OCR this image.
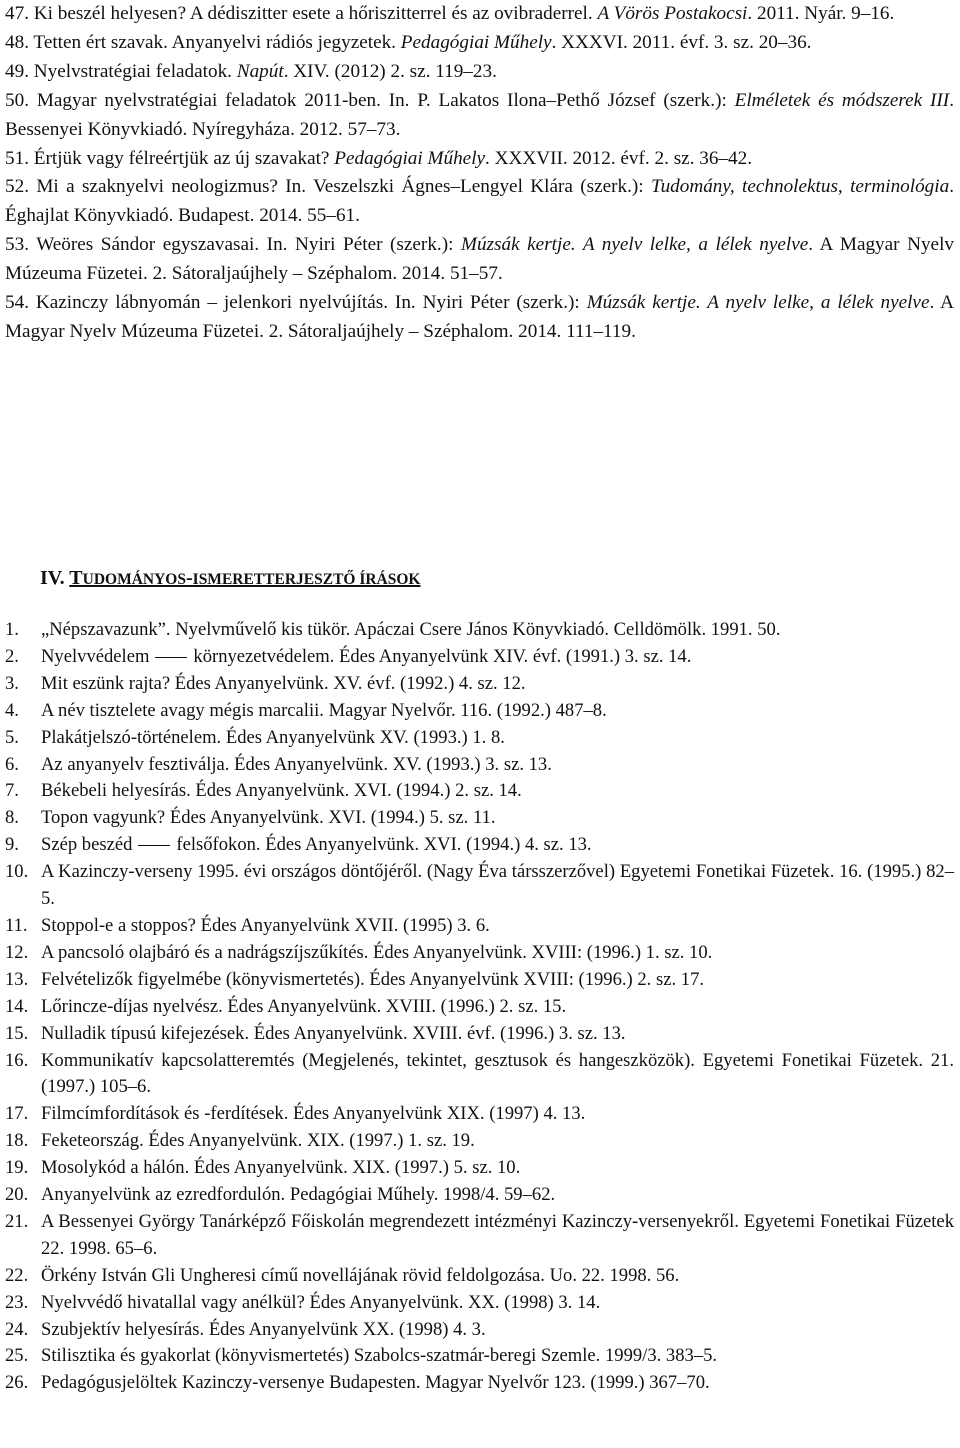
47. Ki beszél helyesen? A dédiszitter esete a hőriszitterrel és az ovibraderrel. A Vörös Postakocsi. 2011. Nyár. 9–16.

48. Tetten ért szavak. Anyanyelvi rádiós jegyzetek. Pedagógiai Műhely. XXXVI. 2011. évf. 3. sz. 20–36.

49. Nyelvstratégiai feladatok. Napút. XIV. (2012) 2. sz. 119–23.

50. Magyar nyelvstratégiai feladatok 2011-ben. In. P. Lakatos Ilona–Pethő József (szerk.): Elméletek és módszerek III. Bessenyei Könyvkiadó. Nyíregyháza. 2012. 57–73.

51. Értjük vagy félreértjük az új szavakat? Pedagógiai Műhely. XXXVII. 2012. évf. 2. sz. 36–42.

52. Mi a szaknyelvi neologizmus? In. Veszelszki Ágnes–Lengyel Klára (szerk.): Tudomány, technolektus, terminológia. Éghajlat Könyvkiadó. Budapest. 2014. 55–61.

53. Weöres Sándor egyszavasai. In. Nyiri Péter (szerk.): Múzsák kertje. A nyelv lelke, a lélek nyelve. A Magyar Nyelv Múzeuma Füzetei. 2. Sátoraljaújhely – Széphalom. 2014. 51–57.

54. Kazinczy lábnyomán – jelenkori nyelvújítás. In. Nyiri Péter (szerk.): Múzsák kertje. A nyelv lelke, a lélek nyelve. A Magyar Nyelv Múzeuma Füzetei. 2. Sátoraljaújhely – Széphalom. 2014. 111–119.

IV. TUDOMÁNYOS-ISMERETTERJESZTŐ ÍRÁSOK
1. „Népszavazunk”. Nyelvművelő kis tükör. Apáczai Csere János Könyvkiadó. Celldömölk. 1991. 50.
2. Nyelvvédelem környezetvédelem. Édes Anyanyelvünk XIV. évf. (1991.) 3. sz. 14.
3. Mit eszünk rajta? Édes Anyanyelvünk. XV. évf. (1992.) 4. sz. 12.
4. A név tisztelete avagy mégis marcalii. Magyar Nyelvőr. 116. (1992.) 487–8.
5. Plakátjelszó-történelem. Édes Anyanyelvünk XV. (1993.) 1. 8.
6. Az anyanyelv fesztiválja. Édes Anyanyelvünk. XV. (1993.) 3. sz. 13.
7. Békebeli helyesírás. Édes Anyanyelvünk. XVI. (1994.) 2. sz. 14.
8. Topon vagyunk? Édes Anyanyelvünk. XVI. (1994.) 5. sz. 11.
9. Szép beszéd felsőfokon. Édes Anyanyelvünk. XVI. (1994.) 4. sz. 13.
10. A Kazinczy-verseny 1995. évi országos döntőjéről. (Nagy Éva társszerzővel) Egyetemi Fonetikai Füzetek. 16. (1995.) 82–5.
11. Stoppol-e a stoppos? Édes Anyanyelvünk XVII. (1995) 3. 6.
12. A pancsoló olajbáró és a nadrágszíjszűkítés. Édes Anyanyelvünk. XVIII: (1996.) 1. sz. 10.
13. Felvételizők figyelmébe (könyvismertetés). Édes Anyanyelvünk XVIII: (1996.) 2. sz. 17.
14. Lőrincze-díjas nyelvész. Édes Anyanyelvünk. XVIII. (1996.) 2. sz. 15.
15. Nulladik típusú kifejezések. Édes Anyanyelvünk. XVIII. évf. (1996.) 3. sz. 13.
16. Kommunikatív kapcsolatteremtés (Megjelenés, tekintet, gesztusok és hangeszközök). Egyetemi Fonetikai Füzetek. 21. (1997.) 105–6.
17. Filmcímfordítások és -ferdítések. Édes Anyanyelvünk XIX. (1997) 4. 13.
18. Feketeország. Édes Anyanyelvünk. XIX. (1997.) 1. sz. 19.
19. Mosolykód a hálón. Édes Anyanyelvünk. XIX. (1997.) 5. sz. 10.
20. Anyanyelvünk az ezredfordulón. Pedagógiai Műhely. 1998/4. 59–62.
21. A Bessenyei György Tanárképző Főiskolán megrendezett intézményi Kazinczy-versenyekről. Egyetemi Fonetikai Füzetek 22. 1998. 65–6.
22. Örkény István Gli Ungheresi című novellájának rövid feldolgozása. Uo. 22. 1998. 56.
23. Nyelvvédő hivatallal vagy anélkül? Édes Anyanyelvünk. XX. (1998) 3. 14.
24. Szubjektív helyesírás. Édes Anyanyelvünk XX. (1998) 4. 3.
25. Stilisztika és gyakorlat (könyvismertetés) Szabolcs-szatmár-beregi Szemle. 1999/3. 383–5.
26. Pedagógusjelöltek Kazinczy-versenye Budapesten. Magyar Nyelvőr 123. (1999.) 367–70.
